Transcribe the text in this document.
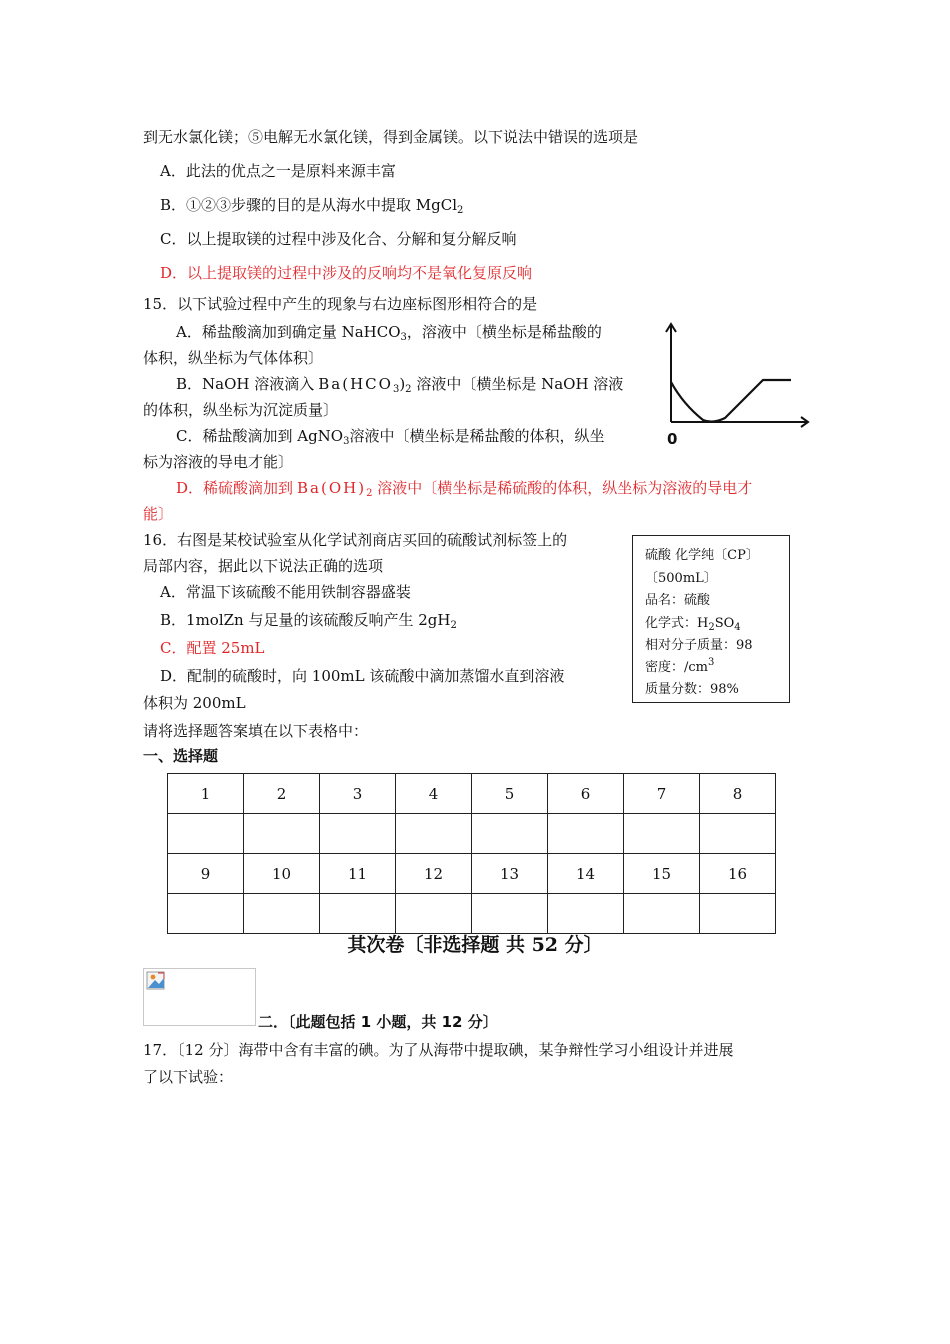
到无水氯化镁；⑤电解无水氯化镁，得到金属镁。以下说法中错误的选项是
A．此法的优点之一是原料来源丰富
B．①②③步骤的目的是从海水中提取 MgCl$_2$
C．以上提取镁的过程中涉及化合、分解和复分解反响
D．以上提取镁的过程中涉及的反响均不是氧化复原反响
15．以下试验过程中产生的现象与右边座标图形相符合的是
A．稀盐酸滴加到确定量 NaHCO$_3$，溶液中〔横坐标是稀盐酸的
体积，纵坐标为气体体积〕
B．NaOH 溶液滴入 $Ba(HCO_3)_2$ 溶液中〔横坐标是 NaOH 溶液
的体积，纵坐标为沉淀质量〕
C．稀盐酸滴加到 AgNO$_3$溶液中〔横坐标是稀盐酸的体积，纵坐
标为溶液的导电才能〕
D．稀硫酸滴加到 $Ba(OH)_2$ 溶液中〔横坐标是稀硫酸的体积，纵坐标为溶液的导电才
能〕
0
16．右图是某校试验室从化学试剂商店买回的硫酸试剂标签上的
局部内容，据此以下说法正确的选项
A．常温下该硫酸不能用铁制容器盛装
B．1molZn 与足量的该硫酸反响产生 $2gH_2$
C．配置 25mL
D．配制的硫酸时，向 100mL 该硫酸中滴加蒸馏水直到溶液
体积为 200mL
硫酸 化学纯〔CP〕
〔500mL〕
品名：硫酸
化学式：$H_2SO_4$
相对分子质量：98
密度：$/cm^3$
质量分数：98%
请将选择题答案填在以下表格中：
一、选择题
1	2	3	4	5	6	7	8

9	10	11	12	13	14	15	16

其次卷〔非选择题 共 52 分〕
二．〔此题包括 1 小题，共 12 分〕
17．〔12 分〕海带中含有丰富的碘。为了从海带中提取碘，某争辩性学习小组设计并进展
了以下试验：
